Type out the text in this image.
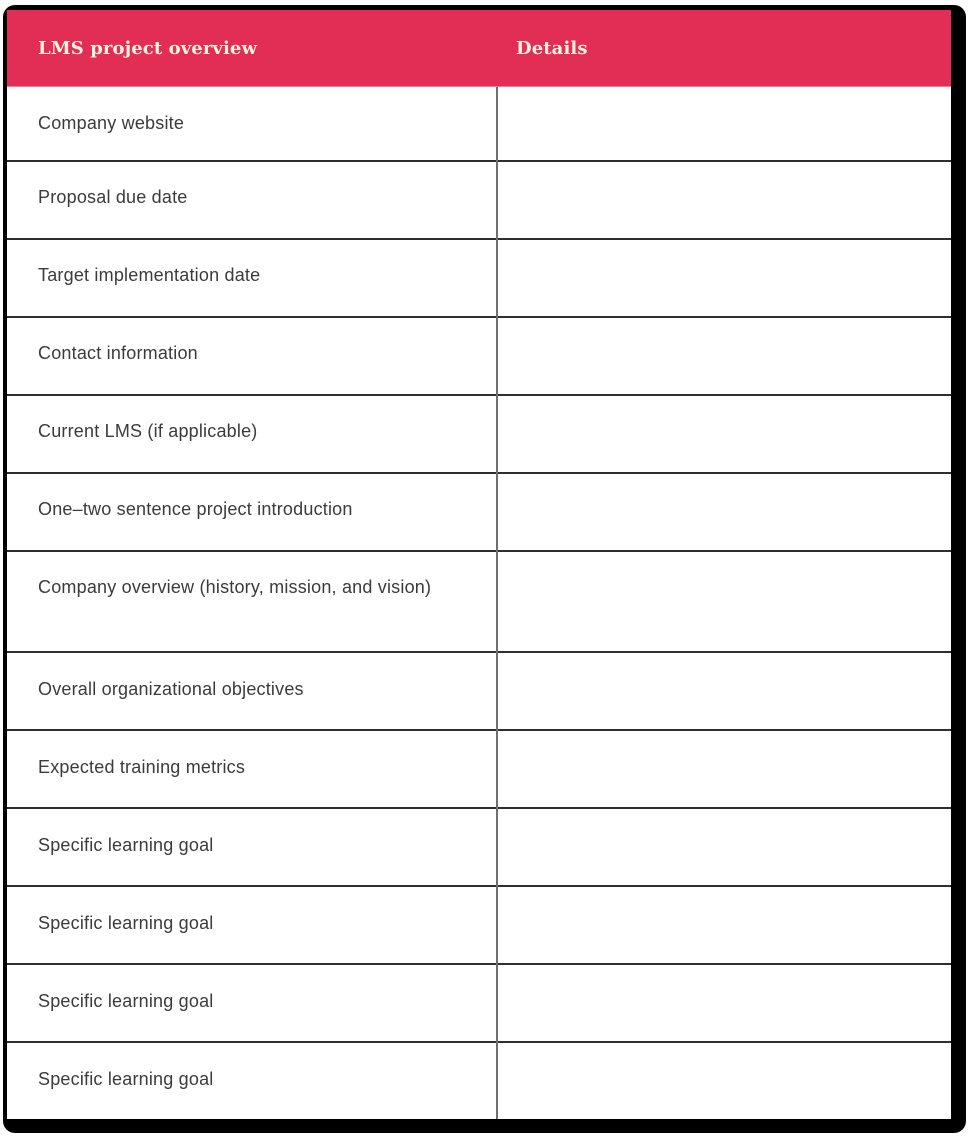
LMS project overview	Details
Company website
Proposal due date
Target implementation date
Contact information
Current LMS (if applicable)
One–two sentence project introduction
Company overview (history, mission, and vision)
Overall organizational objectives
Expected training metrics
Specific learning goal
Specific learning goal
Specific learning goal
Specific learning goal
